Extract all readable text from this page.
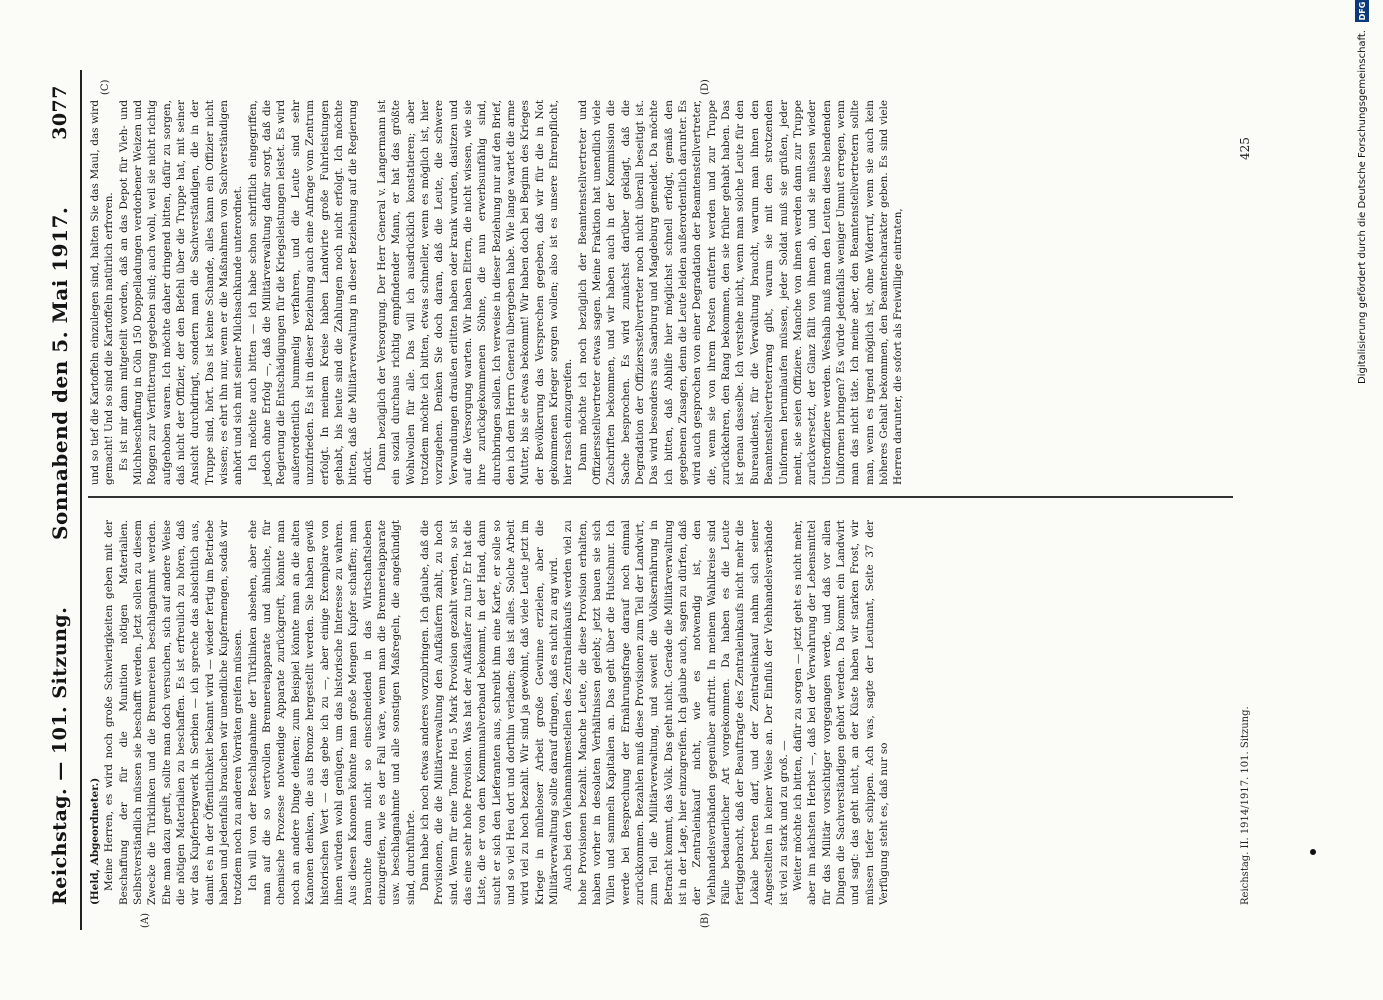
Reichstag. — 101. Sitzung.
Sonnabend den 5. Mai 1917.
3077
(A)	(B)
(C)	(D)

(Held, Abgeordneter.) Meine Herren, es wird noch große Schwierigkeiten geben mit der Beschaffung der für die Munition nötigen Materialien. Selbstverständlich müssen sie beschafft werden. Jetzt sollen zu diesem Zwecke die Türklinken und die Brennereien beschlagnahmt werden. Ehe man dazu greift, sollte man doch versuchen, sich auf andere Weise die nötigen Materialien zu beschaffen. Es ist erfreulich zu hören, daß wir das Kupferbergwerk in Serbien — ich spreche das absichtlich aus, damit es in der Öffentlichkeit bekannt wird — wieder fertig im Betriebe haben und jedenfalls brauchen wir unendliche Kupfermengen, sodaß wir trotzdem noch zu anderen Vorräten greifen müssen. Ich will von der Beschlagnahme der Türklinken absehen, aber ehe man auf die so wertvollen Brennereiapparate und ähnliche, für chemische Prozesse notwendige Apparate zurückgreift, könnte man noch an andere Dinge denken; zum Beispiel könnte man an die alten Kanonen denken, die aus Bronze hergestellt werden. Sie haben gewiß historischen Wert — das gebe ich zu —, aber einige Exemplare von ihnen würden wohl genügen, um das historische Interesse zu wahren. Aus diesen Kanonen könnte man große Mengen Kupfer schaffen; man brauchte dann nicht so einschneidend in das Wirtschaftsleben einzugreifen, wie es der Fall wäre, wenn man die Brennereiapparate usw. beschlagnahmte und alle sonstigen Maßregeln, die angekündigt sind, durchführte. Dann habe ich noch etwas anderes vorzubringen. Ich glaube, daß die Provisionen, die die Militärverwaltung den Aufkäufern zahlt, zu hoch sind. Wenn für eine Tonne Heu 5 Mark Provision gezahlt werden, so ist das eine sehr hohe Provision. Was hat der Aufkäufer zu tun? Er hat die Liste, die er von dem Kommunalverband bekommt, in der Hand, dann sucht er sich den Lieferanten aus, schreibt ihm eine Karte, er solle so und so viel Heu dort und dorthin verladen; das ist alles. Solche Arbeit wird viel zu hoch bezahlt. Wir sind ja gewöhnt, daß viele Leute jetzt im Kriege in müheloser Arbeit große Gewinne erzielen, aber die Militärverwaltung sollte darauf dringen, daß es nicht zu arg wird. Auch bei den Viehannahmestellen des Zentraleinkaufs werden viel zu hohe Provisionen bezahlt. Manche Leute, die diese Provision erhalten, haben vorher in desolaten Verhältnissen gelebt; jetzt bauen sie sich Villen und sammeln Kapitalien an. Das geht über die Hutschnur. Ich werde bei Besprechung der Ernährungsfrage darauf noch einmal zurückkommen. Bezahlen muß diese Provisionen zum Teil der Landwirt, zum Teil die Militärverwaltung, und soweit die Volksernährung in Betracht kommt, das Volk. Das geht nicht. Gerade die Militärverwaltung ist in der Lage, hier einzugreifen. Ich glaube auch, sagen zu dürfen, daß der Zentraleinkauf nicht, wie es notwendig ist, den Viehhandelsverbänden gegenüber auftritt. In meinem Wahlkreise sind Fälle bedauerlicher Art vorgekommen. Da haben es die Leute fertiggebracht, daß der Beauftragte des Zentraleinkaufs nicht mehr die Lokale betreten darf, und der Zentraleinkauf nahm sich seiner Angestellten in keiner Weise an. Der Einfluß der Viehhandelsverbände ist viel zu stark und zu groß. — Weiter möchte ich bitten, dafür zu sorgen — jetzt geht es nicht mehr, aber im nächsten Herbst —, daß bei der Verwahrung der Lebensmittel für das Militär vorsichtiger vorgegangen werde, und daß vor allen Dingen die Sachverständigen gehört werden. Da kommt ein Landwirt und sagt: das geht nicht, an der Küste haben wir starken Frost, wir müssen tiefer schippen. Ach was, sagte der Leutnant, Seite 37 der Verfügung steht es, daß nur so

und so tief die Kartoffeln einzulegen sind, halten Sie das Maul, das wird gemacht! Und so sind die Kartoffeln natürlich erfroren. Es ist mir dann mitgeteilt worden, daß an das Depot für Vieh- und Milchbeschaffung in Cöln 150 Doppelladungen verdorbener Weizen und Roggen zur Verfütterung gegeben sind; auch wohl, weil sie nicht richtig aufgehoben waren. Ich möchte daher dringend bitten, dafür zu sorgen, daß nicht der Offizier, der den Befehl über die Truppe hat, mit seiner Ansicht durchdringt, sondern man die Sachverständigen, die in der Truppe sind, hört. Das ist keine Schande, alles kann ein Offizier nicht wissen; es ehrt ihn nur, wenn er die Maßnahmen von Sachverständigen anhört und sich mit seiner Milchsachkunde unterordnet. Ich möchte auch bitten — ich habe schon schriftlich eingegriffen, jedoch ohne Erfolg —, daß die Militärverwaltung dafür sorgt, daß die Regierung die Entschädigungen für die Kriegsleistungen leistet. Es wird außerordentlich bummelig verfahren, und die Leute sind sehr unzufrieden. Es ist in dieser Beziehung auch eine Anfrage vom Zentrum erfolgt. In meinem Kreise haben Landwirte große Fuhrleistungen gehabt, bis heute sind die Zahlungen noch nicht erfolgt. Ich möchte bitten, daß die Militärverwaltung in dieser Beziehung auf die Regierung drückt. Dann bezüglich der Versorgung. Der Herr General v. Langermann ist ein sozial durchaus richtig empfindender Mann, er hat das größte Wohlwollen für alle. Das will ich ausdrücklich konstatieren; aber trotzdem möchte ich bitten, etwas schneller, wenn es möglich ist, hier vorzugehen. Denken Sie doch daran, daß die Leute, die schwere Verwundungen draußen erlitten haben oder krank wurden, dasitzen und auf die Versorgung warten. Wir haben Eltern, die nicht wissen, wie sie ihre zurückgekommenen Söhne, die nun erwerbsunfähig sind, durchbringen sollen. Ich verweise in dieser Beziehung nur auf den Brief, den ich dem Herrn General übergeben habe. Wie lange wartet die arme Mutter, bis sie etwas bekommt! Wir haben doch bei Beginn des Krieges der Bevölkerung das Versprechen gegeben, daß wir für die in Not gekommenen Krieger sorgen wollen; also ist es unsere Ehrenpflicht, hier rasch einzugreifen. Dann möchte ich noch bezüglich der Beamtenstellvertreter und Offiziersstellvertreter etwas sagen. Meine Fraktion hat unendlich viele Zuschriften bekommen, und wir haben auch in der Kommission die Sache besprochen. Es wird zunächst darüber geklagt, daß die Degradation der Offiziersstellvertreter noch nicht überall beseitigt ist. Das wird besonders aus Saarburg und Magdeburg gemeldet. Da möchte ich bitten, daß Abhilfe hier möglichst schnell erfolgt, gemäß den gegebenen Zusagen, denn die Leute leiden außerordentlich darunter. Es wird auch gesprochen von einer Degradation der Beamtenstellvertreter, die, wenn sie von ihrem Posten entfernt werden und zur Truppe zurückkehren, den Rang bekommen, den sie früher gehabt haben. Das ist genau dasselbe. Ich verstehe nicht, wenn man solche Leute für den Bureaudienst, für die Verwaltung braucht, warum man ihnen den Beamtenstellvertreterrang gibt, warum sie mit den strotzenden Uniformen herumlaufen müssen, jeder Soldat muß sie grüßen, jeder meint, sie seien Offiziere. Manche von ihnen werden dann zur Truppe zurückversetzt, der Glanz fällt von ihnen ab, und sie müssen wieder Unteroffiziere werden. Weshalb muß man den Leuten diese blendenden Uniformen bringen? Es würde jedenfalls weniger Unmut erregen, wenn man das nicht täte. Ich meine aber, den Beamtenstellvertretern sollte man, wenn es irgend möglich ist, ohne Widerruf, wenn sie auch kein höheres Gehalt bekommen, den Beamtencharakter geben. Es sind viele Herren darunter, die sofort als Freiwillige eintraten,

Reichstag. II. 1914/1917. 101. Sitzung.
425	Digitalisierung gefördert durch die Deutsche Forschungsgemeinschaft.
DFG
